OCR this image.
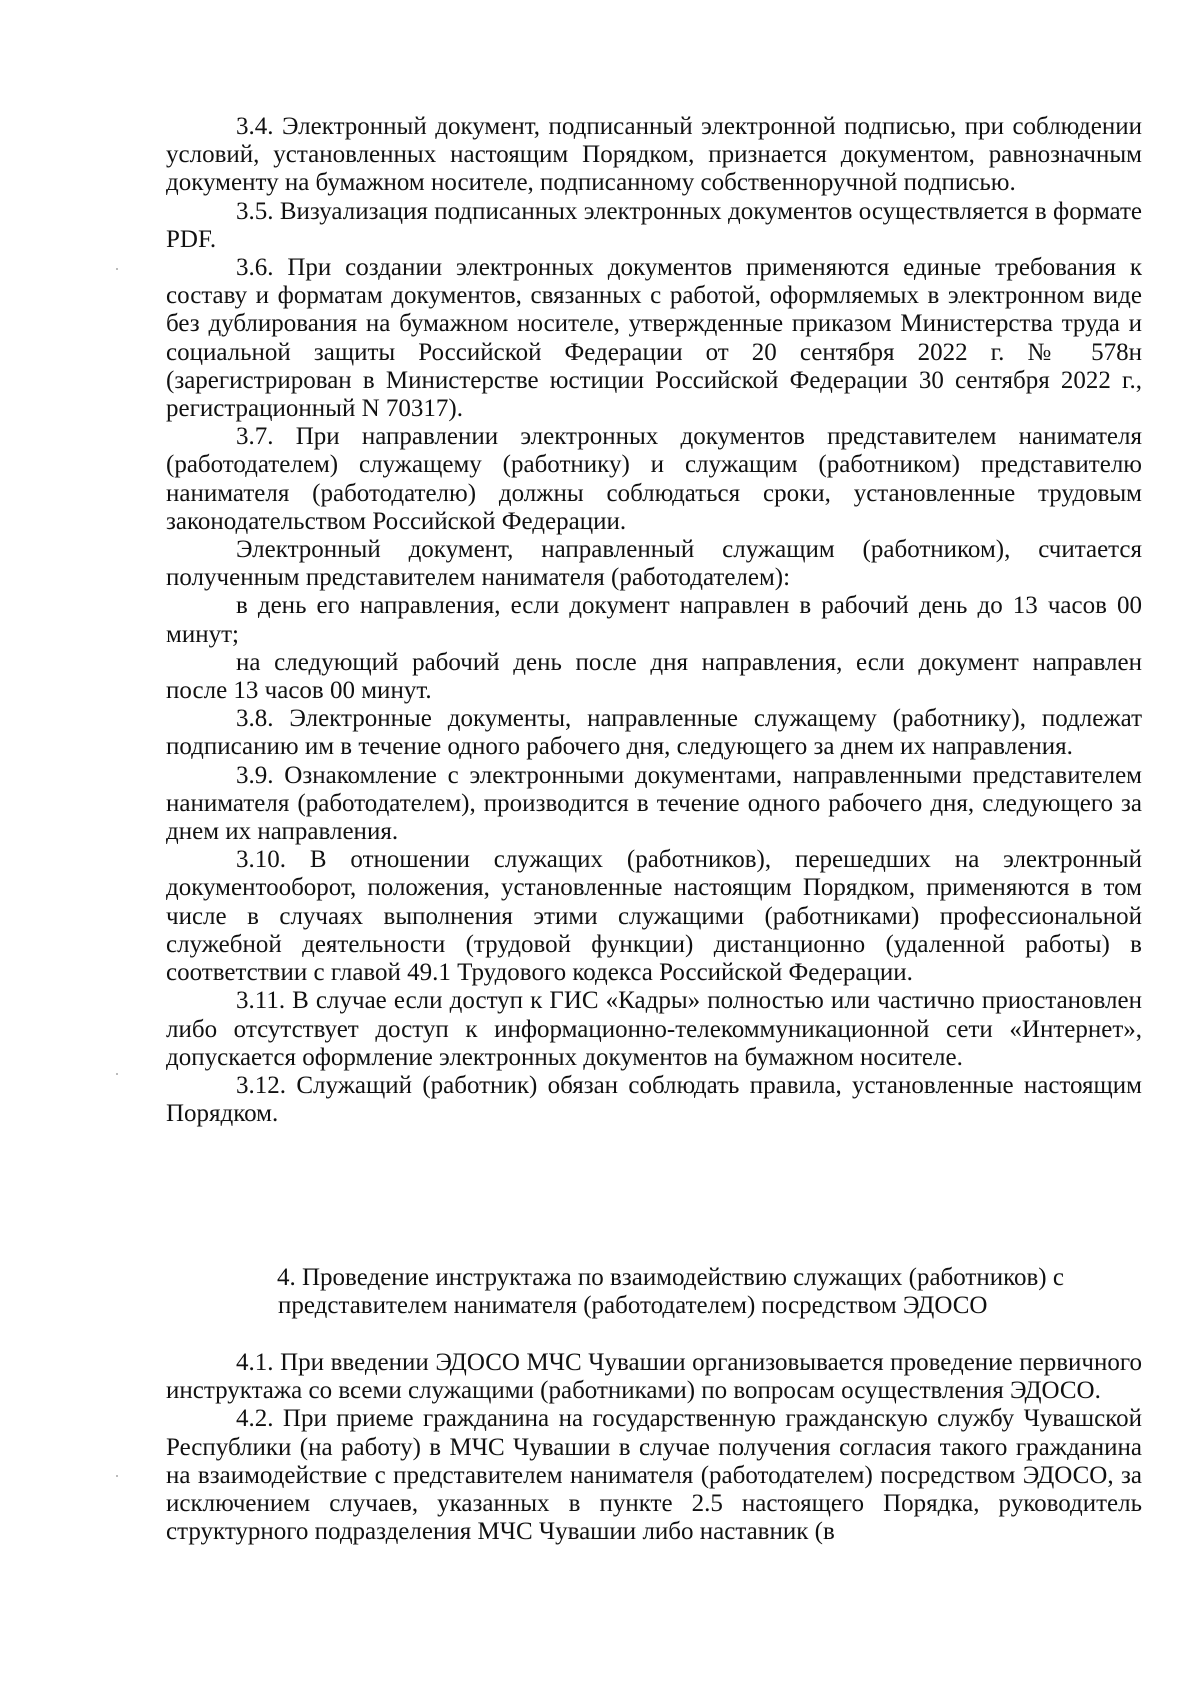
3.4. Электронный документ, подписанный электронной подписью, при соблюдении условий, установленных настоящим Порядком, признается документом, равнозначным документу на бумажном носителе, подписанному собственноручной подписью.

3.5. Визуализация подписанных электронных документов осуществляется в формате PDF.

3.6. При создании электронных документов применяются единые требования к составу и форматам документов, связанных с работой, оформляемых в электронном виде без дублирования на бумажном носителе, утвержденные приказом Министерства труда и социальной защиты Российской Федерации от 20 сентября 2022 г. № 578н (зарегистрирован в Министерстве юстиции Российской Федерации 30 сентября 2022 г., регистрационный N 70317).

3.7. При направлении электронных документов представителем нанимателя (работодателем) служащему (работнику) и служащим (работником) представителю нанимателя (работодателю) должны соблюдаться сроки, установленные трудовым законодательством Российской Федерации.

Электронный документ, направленный служащим (работником), считается полученным представителем нанимателя (работодателем):

в день его направления, если документ направлен в рабочий день до 13 часов 00 минут;

на следующий рабочий день после дня направления, если документ направлен после 13 часов 00 минут.

3.8. Электронные документы, направленные служащему (работнику), подлежат подписанию им в течение одного рабочего дня, следующего за днем их направления.

3.9. Ознакомление с электронными документами, направленными представителем нанимателя (работодателем), производится в течение одного рабочего дня, следующего за днем их направления.

3.10. В отношении служащих (работников), перешедших на электронный документооборот, положения, установленные настоящим Порядком, применяются в том числе в случаях выполнения этими служащими (работниками) профессиональной служебной деятельности (трудовой функции) дистанционно (удаленной работы) в соответствии с главой 49.1 Трудового кодекса Российской Федерации.

3.11. В случае если доступ к ГИС «Кадры» полностью или частично приостановлен либо отсутствует доступ к информационно-телекоммуникационной сети «Интернет», допускается оформление электронных документов на бумажном носителе.

3.12. Служащий (работник) обязан соблюдать правила, установленные настоящим Порядком.

4. Проведение инструктажа по взаимодействию служащих (работников) с
представителем нанимателя (работодателем) посредством ЭДОСО

4.1. При введении ЭДОСО МЧС Чувашии организовывается проведение первичного инструктажа со всеми служащими (работниками) по вопросам осуществления ЭДОСО.

4.2. При приеме гражданина на государственную гражданскую службу Чувашской Республики (на работу) в МЧС Чувашии в случае получения согласия такого гражданина на взаимодействие с представителем нанимателя (работодателем) посредством ЭДОСО, за исключением случаев, указанных в пункте 2.5 настоящего Порядка, руководитель структурного подразделения МЧС Чувашии либо наставник (в
